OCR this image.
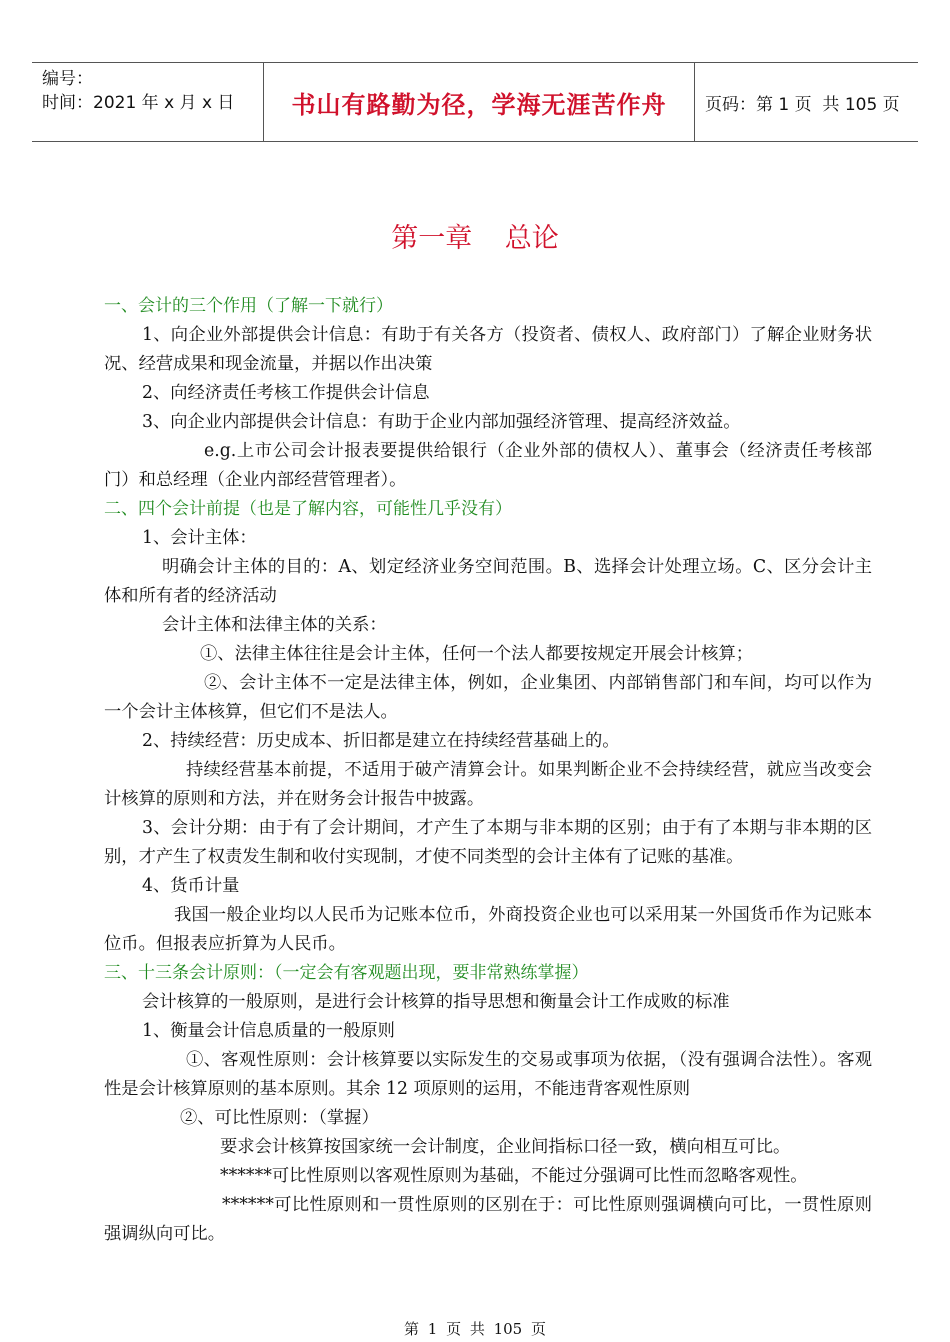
编号：
时间：2021 年 x 月 x 日	书山有路勤为径，学海无涯苦作舟	页码：第 1 页  共 105 页
第一章 总论
一、会计的三个作用（了解一下就行）
1、向企业外部提供会计信息：有助于有关各方（投资者、债权人、政府部门）了解企业财务状况、经营成果和现金流量，并据以作出决策
2、向经济责任考核工作提供会计信息
3、向企业内部提供会计信息：有助于企业内部加强经济管理、提高经济效益。
e.g.上市公司会计报表要提供给银行（企业外部的债权人）、董事会（经济责任考核部门）和总经理（企业内部经营管理者）。
二、四个会计前提（也是了解内容，可能性几乎没有）
1、会计主体：
明确会计主体的目的：A、划定经济业务空间范围。B、选择会计处理立场。C、区分会计主体和所有者的经济活动
会计主体和法律主体的关系：
①、法律主体往往是会计主体，任何一个法人都要按规定开展会计核算；
②、会计主体不一定是法律主体，例如，企业集团、内部销售部门和车间，均可以作为一个会计主体核算，但它们不是法人。
2、持续经营：历史成本、折旧都是建立在持续经营基础上的。
持续经营基本前提，不适用于破产清算会计。如果判断企业不会持续经营，就应当改变会计核算的原则和方法，并在财务会计报告中披露。
3、会计分期：由于有了会计期间，才产生了本期与非本期的区别；由于有了本期与非本期的区别，才产生了权责发生制和收付实现制，才使不同类型的会计主体有了记账的基准。
4、货币计量
我国一般企业均以人民币为记账本位币，外商投资企业也可以采用某一外国货币作为记账本位币。但报表应折算为人民币。
三、十三条会计原则：（一定会有客观题出现，要非常熟练掌握）
会计核算的一般原则，是进行会计核算的指导思想和衡量会计工作成败的标准
1、衡量会计信息质量的一般原则
①、客观性原则：会计核算要以实际发生的交易或事项为依据，（没有强调合法性）。客观性是会计核算原则的基本原则。其余 12 项原则的运用，不能违背客观性原则
②、可比性原则：（掌握）
要求会计核算按国家统一会计制度，企业间指标口径一致，横向相互可比。
******可比性原则以客观性原则为基础，不能过分强调可比性而忽略客观性。
******可比性原则和一贯性原则的区别在于：可比性原则强调横向可比，一贯性原则强调纵向可比。
第 1 页 共 105 页
